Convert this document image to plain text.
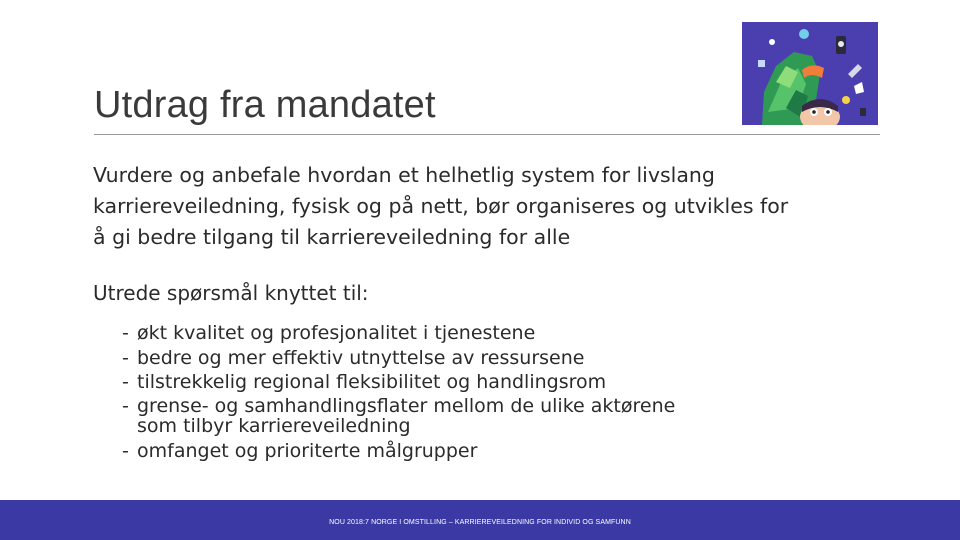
Utdrag fra mandatet

Vurdere og anbefale hvordan et helhetlig system for livslang karriereveiledning, fysisk og på nett, bør organiseres og utvikles for å gi bedre tilgang til karriereveiledning for alle

Utrede spørsmål knyttet til:

- økt kvalitet og profesjonalitet i tjenestene
- bedre og mer effektiv utnyttelse av ressursene
- tilstrekkelig regional fleksibilitet og handlingsrom
- grense- og samhandlingsflater mellom de ulike aktørene som tilbyr karriereveiledning
- omfanget og prioriterte målgrupper
NOU 2018:7 NORGE I OMSTILLING – KARRIEREVEILEDNING FOR INDIVID OG SAMFUNN
